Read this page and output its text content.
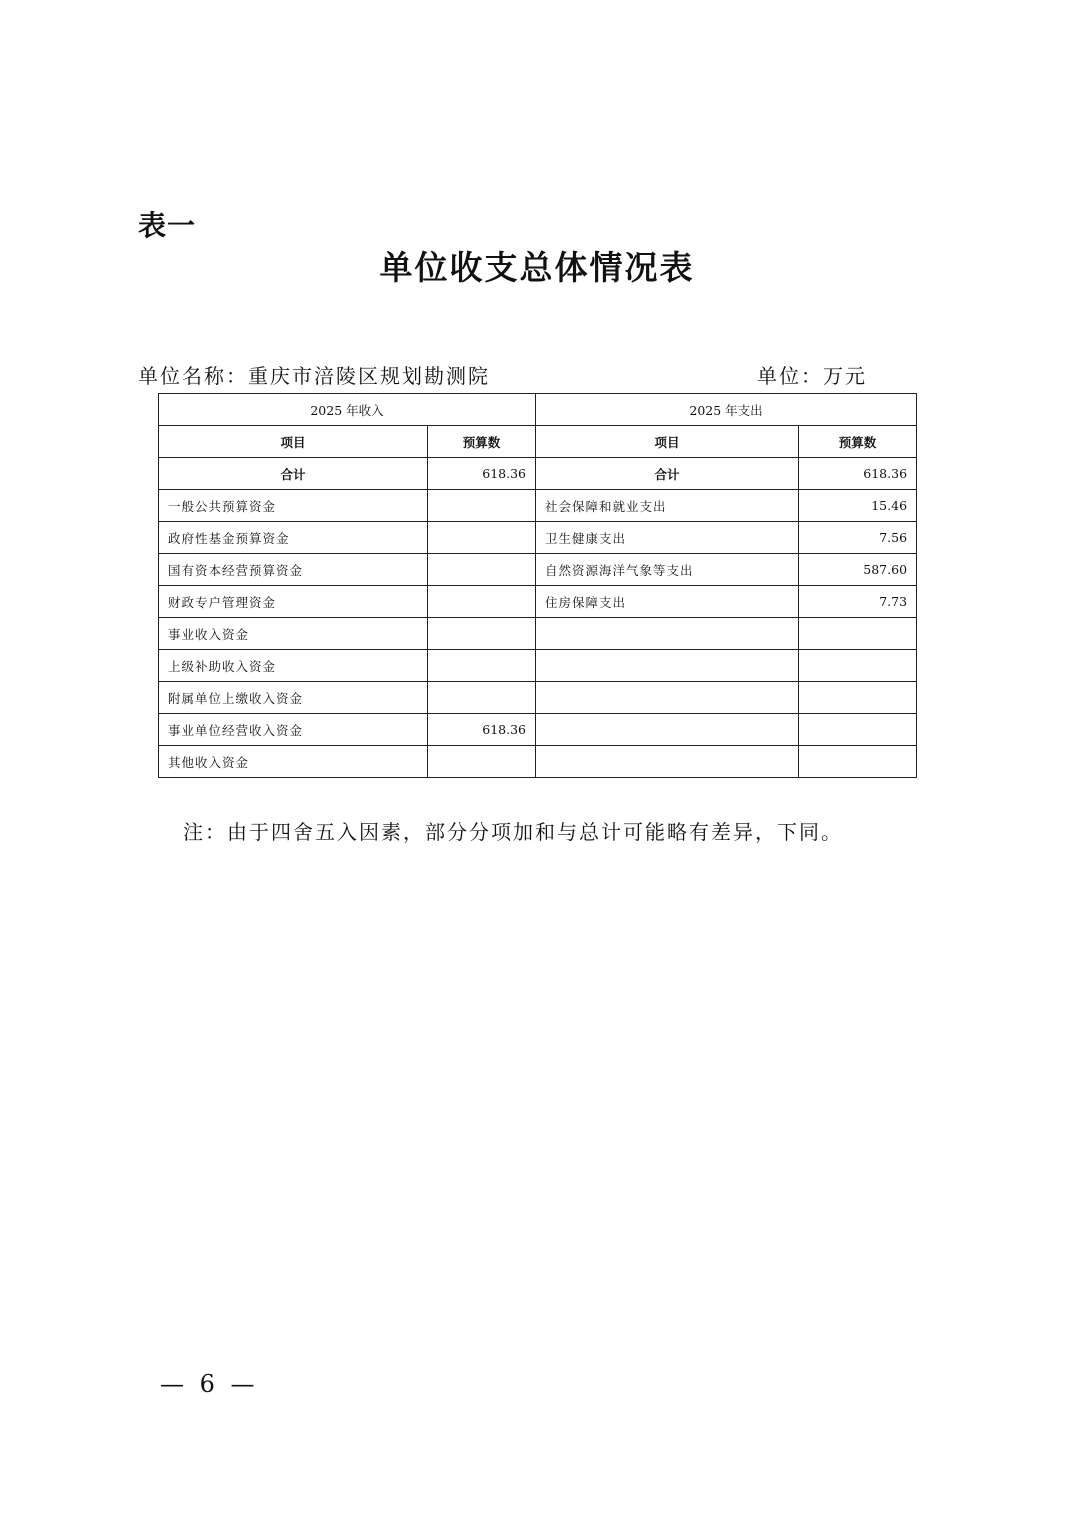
表一
单位收支总体情况表
单位名称：重庆市涪陵区规划勘测院	单位：万元
2025 年收入		2025 年支出	
项目	预算数	项目	预算数
合计	618.36	合计	618.36
一般公共预算资金		社会保障和就业支出	15.46
政府性基金预算资金		卫生健康支出	7.56
国有资本经营预算资金		自然资源海洋气象等支出	587.60
财政专户管理资金		住房保障支出	7.73
事业收入资金			
上级补助收入资金			
附属单位上缴收入资金			
事业单位经营收入资金	618.36		
其他收入资金			
注：由于四舍五入因素，部分分项加和与总计可能略有差异，下同。
— 6 —
